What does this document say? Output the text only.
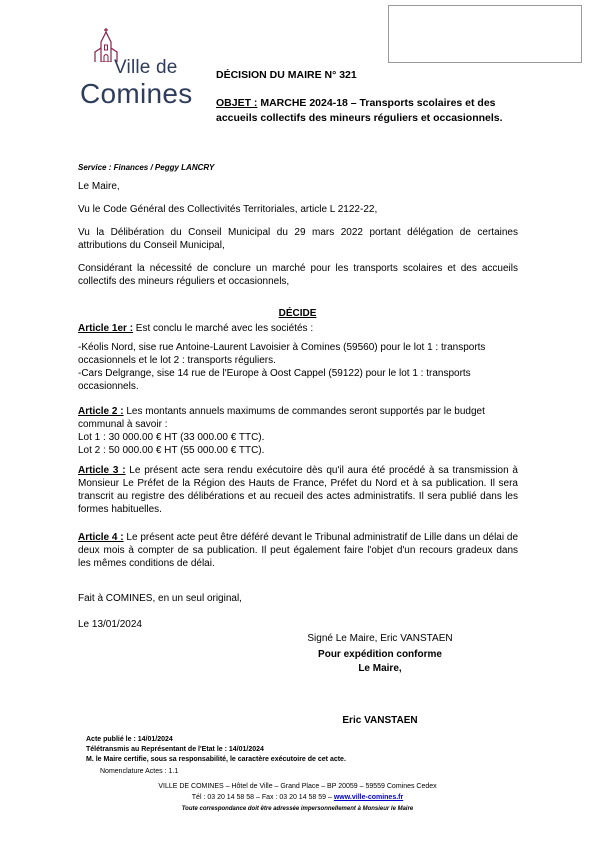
Ville de
Comines
DÉCISION DU MAIRE N° 321
OBJET : MARCHE 2024-18 – Transports scolaires et des accueils collectifs des mineurs réguliers et occasionnels.
Service : Finances / Peggy LANCRY
Le Maire,
Vu le Code Général des Collectivités Territoriales, article L 2122-22,
Vu la Délibération du Conseil Municipal du 29 mars 2022 portant délégation de certaines attributions du Conseil Municipal,
Considérant la nécessité de conclure un marché pour les transports scolaires et des accueils collectifs des mineurs réguliers et occasionnels,
DÉCIDE
Article 1er : Est conclu le marché avec les sociétés :
-Kéolis Nord, sise rue Antoine-Laurent Lavoisier à Comines (59560) pour le lot 1 : transports occasionnels et le lot 2 : transports réguliers.
-Cars Delgrange, sise 14 rue de l'Europe à Oost Cappel (59122) pour le lot 1 : transports occasionnels.
Article 2 : Les montants annuels maximums de commandes seront supportés par le budget communal à savoir :
Lot 1 : 30 000.00 € HT (33 000.00 € TTC).
Lot 2 : 50 000.00 € HT (55 000.00 € TTC).
Article 3 : Le présent acte sera rendu exécutoire dès qu'il aura été procédé à sa transmission à Monsieur Le Préfet de la Région des Hauts de France, Préfet du Nord et à sa publication. Il sera transcrit au registre des délibérations et au recueil des actes administratifs. Il sera publié dans les formes habituelles.
Article 4 : Le présent acte peut être déféré devant le Tribunal administratif de Lille dans un délai de deux mois à compter de sa publication. Il peut également faire l'objet d'un recours gradeux dans les mêmes conditions de délai.
Fait à COMINES, en un seul original,
Le 13/01/2024
Signé Le Maire, Eric VANSTAEN
Pour expédition conforme
Le Maire,
Eric VANSTAEN
Acte publié le : 14/01/2024
Télétransmis au Représentant de l'Etat le : 14/01/2024
M. le Maire certifie, sous sa responsabilité, le caractère exécutoire de cet acte.
Nomenclature Actes : 1.1
VILLE DE COMINES – Hôtel de Ville – Grand Place – BP 20059 – 59559 Comines Cedex
Tél : 03 20 14 58 58 – Fax : 03 20 14 58 59 – www.ville-comines.fr
Toute correspondance doit être adressée impersonnellement à Monsieur le Maire
